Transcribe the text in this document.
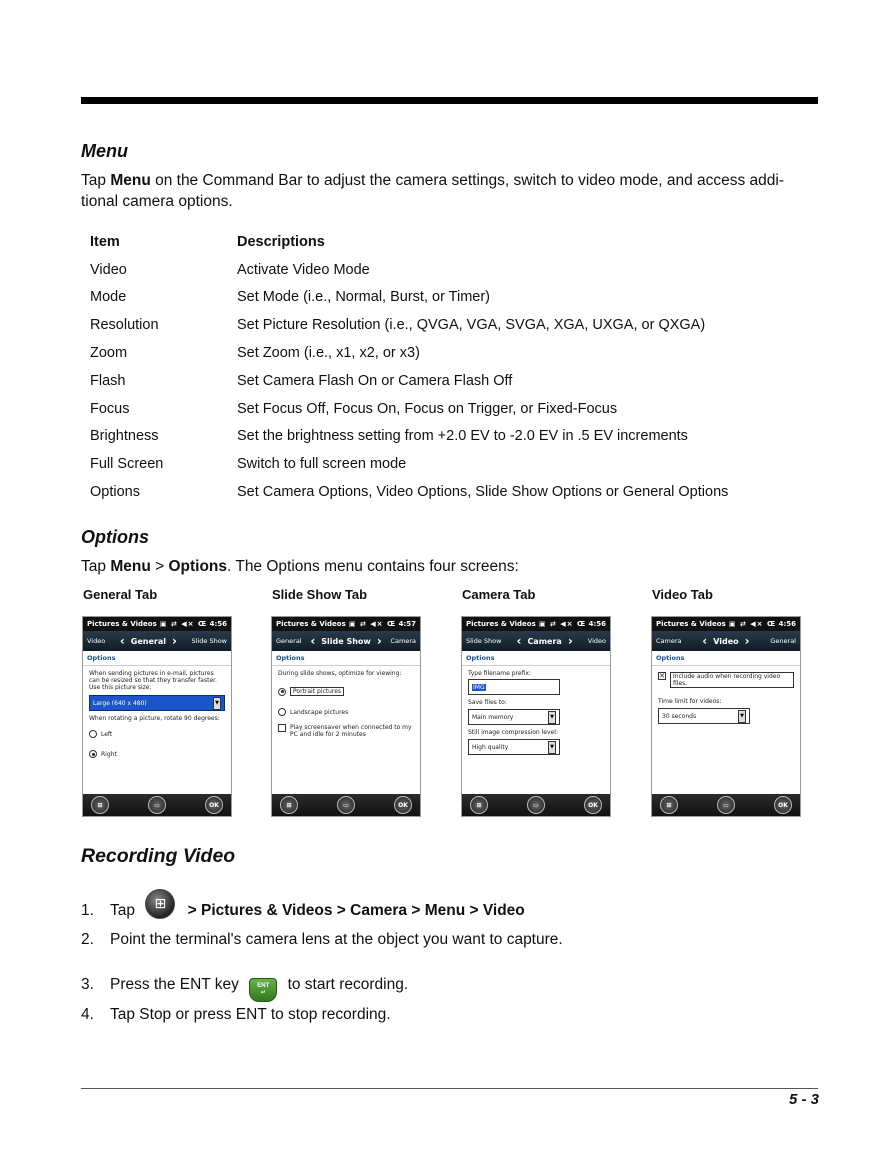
Menu
Tap Menu on the Command Bar to adjust the camera settings, switch to video mode, and access addi-
tional camera options.
Item	Descriptions
Video	Activate Video Mode
Mode	Set Mode (i.e., Normal, Burst, or Timer)
Resolution	Set Picture Resolution (i.e., QVGA, VGA, SVGA, XGA, UXGA, or QXGA)
Zoom	Set Zoom (i.e., x1, x2, or x3)
Flash	Set Camera Flash On or Camera Flash Off
Focus	Set Focus Off, Focus On, Focus on Trigger, or Fixed-Focus
Brightness	Set the brightness setting from +2.0 EV to -2.0 EV in .5 EV increments
Full Screen	Switch to full screen mode
Options	Set Camera Options, Video Options, Slide Show Options or General Options
Options
Tap Menu > Options. The Options menu contains four screens:
General Tab	Slide Show Tab	Camera Tab	Video Tab
Pictures & Videos ▣ ⇄ ◀× Œ 4:56
Video ‹ General › Slide Show
Options
When sending pictures in e-mail, pictures can be resized so that they transfer faster.
Use this picture size:
Large (640 x 480)	▼
When rotating a picture, rotate 90 degrees:
Left
Right
⊞	▭	OK
Pictures & Videos ▣ ⇄ ◀× Œ 4:57
General ‹ Slide Show › Camera
Options
During slide shows, optimize for viewing:
Portrait pictures
Landscape pictures
Play screensaver when connected to my PC and idle for 2 minutes
⊞	▭	OK
Pictures & Videos ▣ ⇄ ◀× Œ 4:56
Slide Show ‹ Camera › Video
Options
Type filename prefix:
IMG
Save files to:
Main memory	▼
Still image compression level:
High quality	▼
⊞	▭	OK
Pictures & Videos ▣ ⇄ ◀× Œ 4:56
Camera ‹ Video ›	General
Options
✕	Include audio when recording video files.
Time limit for videos:
30 seconds	▼
⊞	▭	OK
Recording Video
1.	Tap ⊞ > Pictures & Videos > Camera > Menu > Video
2.	Point the terminal's camera lens at the object you want to capture.
3.	Press the ENT key	ENT
↵ to start recording.
4.	Tap Stop or press ENT to stop recording.
5 - 3
